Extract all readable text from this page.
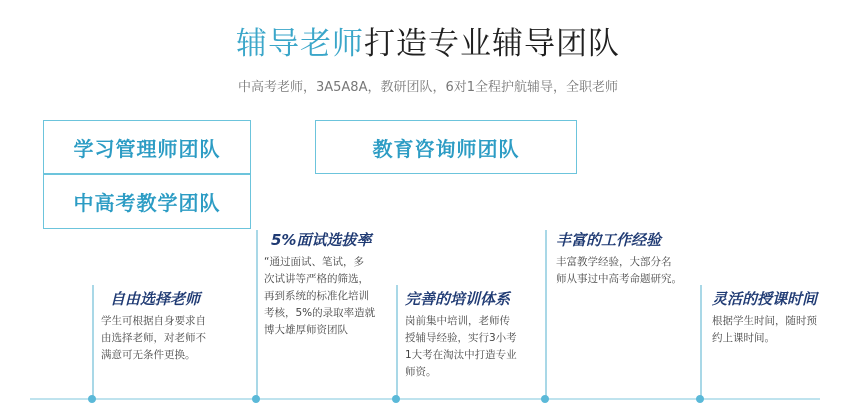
辅导老师打造专业辅导团队
中高考老师，3A5A8A，教研团队，6对1全程护航辅导，全职老师
学习管理师团队	教育咨询师团队
中高考教学团队
自由选择老师
学生可根据自身要求自
由选择老师，对老师不
满意可无条件更换。
5%面试选拔率
“通过面试、笔试，多
次试讲等严格的筛选，
再到系统的标准化培训
考核，5%的录取率造就
博大雄厚师资团队
完善的培训体系
岗前集中培训，老师传
授辅导经验，实行3小考
1大考在淘汰中打造专业
师资。
丰富的工作经验
丰富教学经验，大部分名
师从事过中高考命题研究。
灵活的授课时间
根据学生时间，随时预
约上课时间。
